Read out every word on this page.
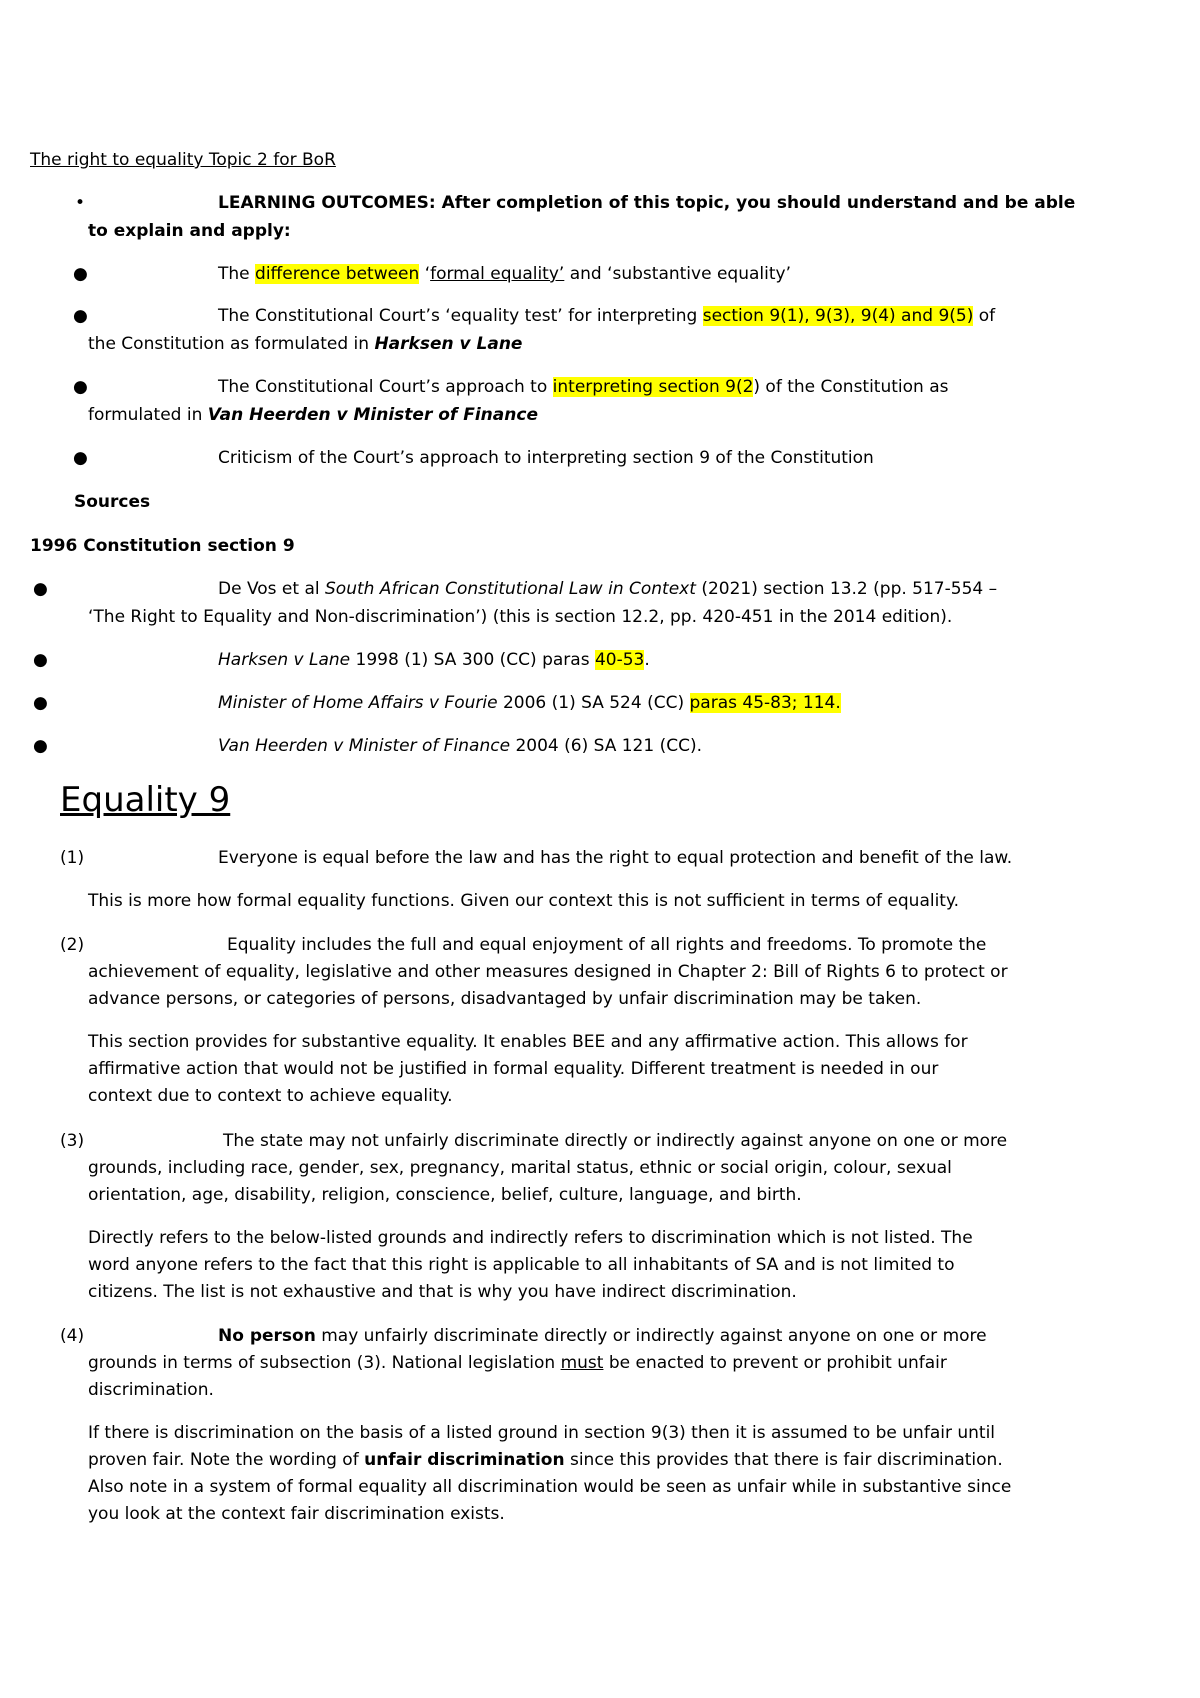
The right to equality Topic 2 for BoR
•	LEARNING OUTCOMES: After completion of this topic, you should understand and be able
to explain and apply:
●	The difference between ‘formal equality’ and ‘substantive equality’
●	The Constitutional Court’s ‘equality test’ for interpreting section 9(1), 9(3), 9(4) and 9(5) of
the Constitution as formulated in Harksen v Lane
●	The Constitutional Court’s approach to interpreting section 9(2) of the Constitution as
formulated in Van Heerden v Minister of Finance
●	Criticism of the Court’s approach to interpreting section 9 of the Constitution
Sources
1996 Constitution section 9
●	De Vos et al South African Constitutional Law in Context (2021) section 13.2 (pp. 517-554 –
‘The Right to Equality and Non-discrimination’) (this is section 12.2, pp. 420-451 in the 2014 edition).
●	Harksen v Lane 1998 (1) SA 300 (CC) paras 40-53.
●	Minister of Home Affairs v Fourie 2006 (1) SA 524 (CC) paras 45-83; 114.
●	Van Heerden v Minister of Finance 2004 (6) SA 121 (CC).
Equality 9
(1)	Everyone is equal before the law and has the right to equal protection and benefit of the law.
This is more how formal equality functions. Given our context this is not sufficient in terms of equality.
(2)	Equality includes the full and equal enjoyment of all rights and freedoms. To promote the
achievement of equality, legislative and other measures designed in Chapter 2: Bill of Rights 6 to protect or
advance persons, or categories of persons, disadvantaged by unfair discrimination may be taken.
This section provides for substantive equality. It enables BEE and any affirmative action. This allows for
affirmative action that would not be justified in formal equality. Different treatment is needed in our
context due to context to achieve equality.
(3)	The state may not unfairly discriminate directly or indirectly against anyone on one or more
grounds, including race, gender, sex, pregnancy, marital status, ethnic or social origin, colour, sexual
orientation, age, disability, religion, conscience, belief, culture, language, and birth.
Directly refers to the below-listed grounds and indirectly refers to discrimination which is not listed. The
word anyone refers to the fact that this right is applicable to all inhabitants of SA and is not limited to
citizens. The list is not exhaustive and that is why you have indirect discrimination.
(4)	No person may unfairly discriminate directly or indirectly against anyone on one or more
grounds in terms of subsection (3). National legislation must be enacted to prevent or prohibit unfair
discrimination.
If there is discrimination on the basis of a listed ground in section 9(3) then it is assumed to be unfair until
proven fair. Note the wording of unfair discrimination since this provides that there is fair discrimination.
Also note in a system of formal equality all discrimination would be seen as unfair while in substantive since
you look at the context fair discrimination exists.
